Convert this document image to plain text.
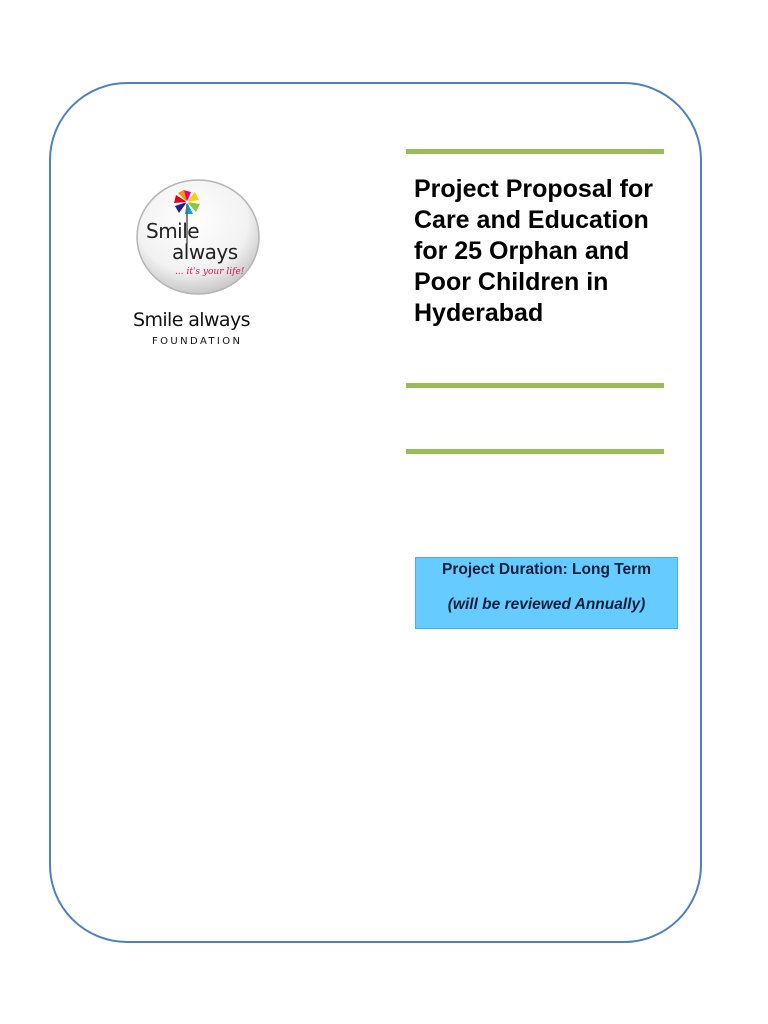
Smile
always
... it's your life!
Smile always
FOUNDATION
Project Proposal for Care and Education for 25 Orphan and Poor Children in Hyderabad
Project Duration: Long Term
(will be reviewed Annually)
